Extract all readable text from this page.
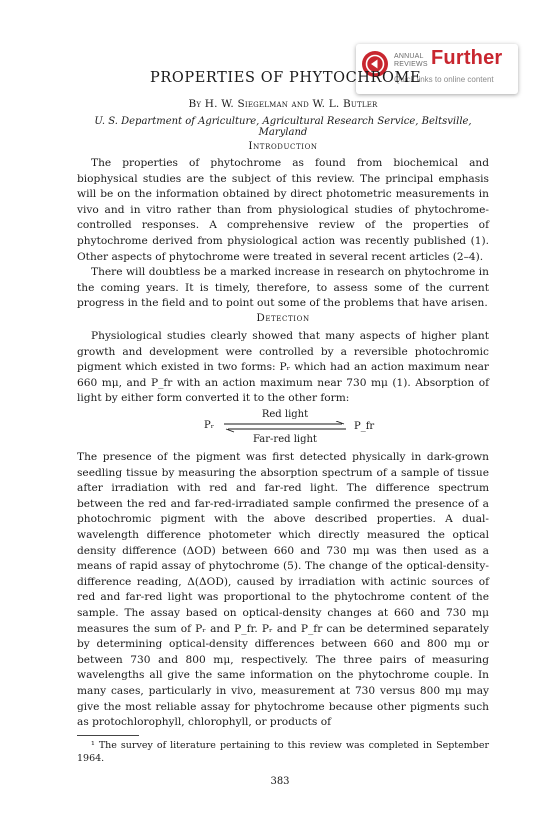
ANNUAL
REVIEWS Further
Quick links to online content
PROPERTIES OF PHYTOCHROME
By H. W. Siegelman and W. L. Butler
U. S. Department of Agriculture, Agricultural Research Service, Beltsville, Maryland
Introduction

The properties of phytochrome as found from biochemical and biophysical studies are the subject of this review. The principal emphasis will be on the information obtained by direct photometric measurements in vivo and in vitro rather than from physiological studies of phytochrome-controlled responses. A comprehensive review of the properties of phytochrome derived from physiological action was recently published (1). Other aspects of phytochrome were treated in several recent articles (2–4).

There will doubtless be a marked increase in research on phytochrome in the coming years. It is timely, therefore, to assess some of the current progress in the field and to point out some of the problems that have arisen.

Detection

Physiological studies clearly showed that many aspects of higher plant growth and development were controlled by a reversible photochromic pigment which existed in two forms: Pᵣ which had an action maximum near 660 mμ, and P_fr with an action maximum near 730 mμ (1). Absorption of light by either form converted it to the other form:

Red light
Pᵣ	P_fr
Far-red light

The presence of the pigment was first detected physically in dark-grown seedling tissue by measuring the absorption spectrum of a sample of tissue after irradiation with red and far-red light. The difference spectrum between the red and far-red-irradiated sample confirmed the presence of a photochromic pigment with the above described properties. A dual-wavelength difference photometer which directly measured the optical density difference (ΔOD) between 660 and 730 mμ was then used as a means of rapid assay of phytochrome (5). The change of the optical-density-difference reading, Δ(ΔOD), caused by irradiation with actinic sources of red and far-red light was proportional to the phytochrome content of the sample. The assay based on optical-density changes at 660 and 730 mμ measures the sum of Pᵣ and P_fr. Pᵣ and P_fr can be determined separately by determining optical-density differences between 660 and 800 mμ or between 730 and 800 mμ, respectively. The three pairs of measuring wavelengths all give the same information on the phytochrome couple. In many cases, particularly in vivo, measurement at 730 versus 800 mμ may give the most reliable assay for phytochrome because other pigments such as protochlorophyll, chlorophyll, or products of

¹ The survey of literature pertaining to this review was completed in September 1964.

383
